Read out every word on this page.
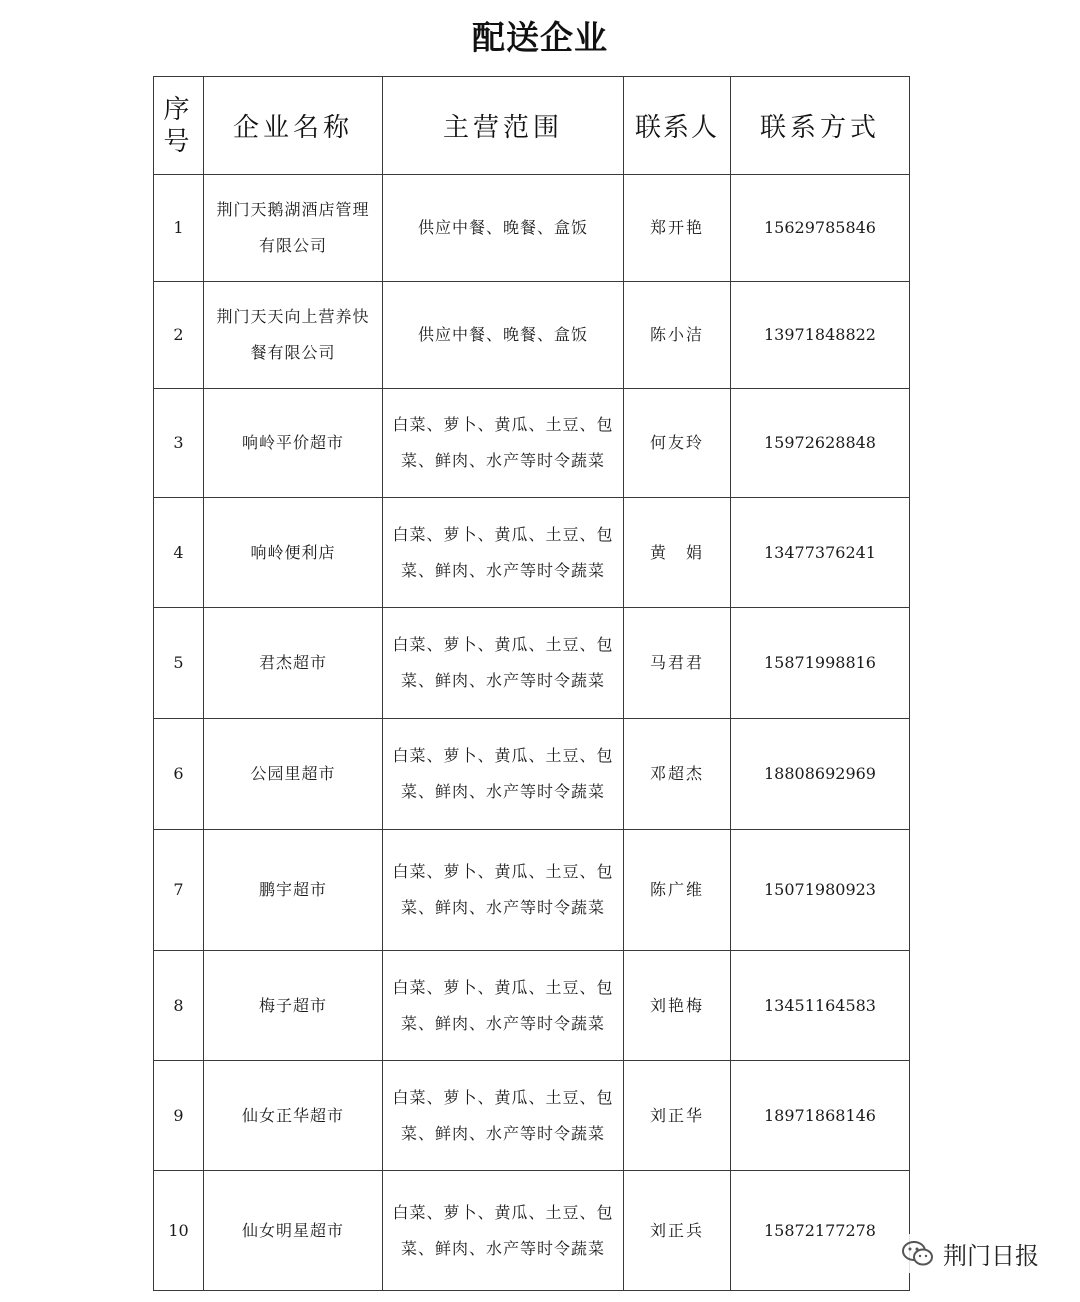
配送企业
序号	企业名称	主营范围	联系人	联系方式
1	荆门天鹅湖酒店管理有限公司	供应中餐、晚餐、盒饭	郑开艳	15629785846
2	荆门天天向上营养快餐有限公司	供应中餐、晚餐、盒饭	陈小洁	13971848822
3	响岭平价超市	白菜、萝卜、黄瓜、土豆、包菜、鲜肉、水产等时令蔬菜	何友玲	15972628848
4	响岭便利店	白菜、萝卜、黄瓜、土豆、包菜、鲜肉、水产等时令蔬菜	黄　娟	13477376241
5	君杰超市	白菜、萝卜、黄瓜、土豆、包菜、鲜肉、水产等时令蔬菜	马君君	15871998816
6	公园里超市	白菜、萝卜、黄瓜、土豆、包菜、鲜肉、水产等时令蔬菜	邓超杰	18808692969
7	鹏宇超市	白菜、萝卜、黄瓜、土豆、包菜、鲜肉、水产等时令蔬菜	陈广维	15071980923
8	梅子超市	白菜、萝卜、黄瓜、土豆、包菜、鲜肉、水产等时令蔬菜	刘艳梅	13451164583
9	仙女正华超市	白菜、萝卜、黄瓜、土豆、包菜、鲜肉、水产等时令蔬菜	刘正华	18971868146
10	仙女明星超市	白菜、萝卜、黄瓜、土豆、包菜、鲜肉、水产等时令蔬菜	刘正兵	15872177278
荆门日报
